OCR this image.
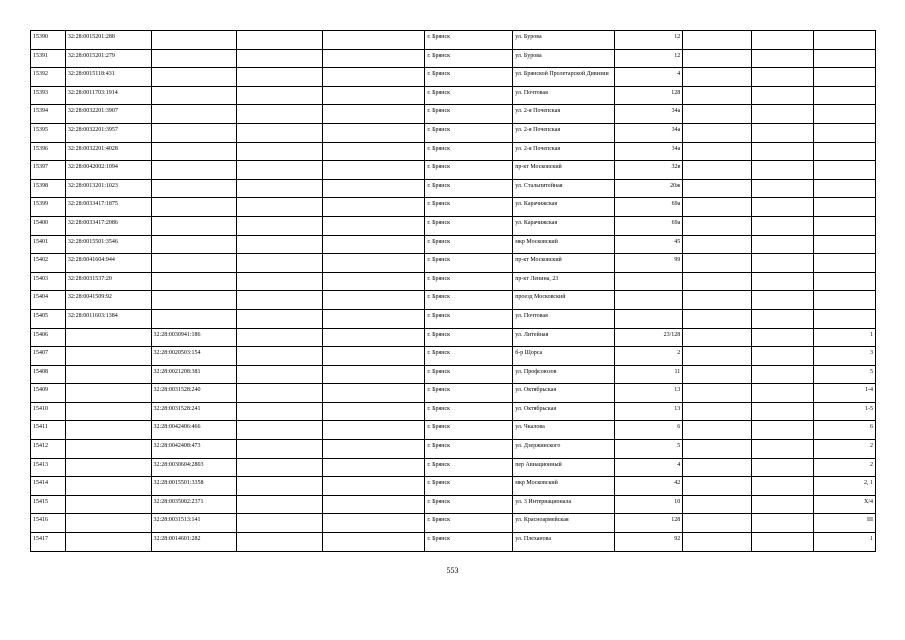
15390	32:28:0015201:288				г. Брянск	ул. Бурова	12			
15391	32:28:0015201:279				г. Брянск	ул. Бурова	12			
15392	32:28:0015118:431				г. Брянск	ул. Брянской Пролетарской Дивизии	4			
15393	32:28:0011703:1914				г. Брянск	ул. Почтовая	128			
15394	32:28:0032201:3907				г. Брянск	ул. 2-я Почепская	34а			
15395	32:28:0032201:3957				г. Брянск	ул. 2-я Почепская	34а			
15396	32:28:0032201:4028				г. Брянск	ул. 2-я Почепская	34а			
15397	32:28:0042002:1094				г. Брянск	пр-кт Московский	32в			
15398	32:28:0013201:1023				г. Брянск	ул. Стальпитейная	20ж			
15399	32:28:0033417:1875				г. Брянск	ул. Карачижская	69а			
15400	32:28:0033417:2086				г. Брянск	ул. Карачижская	69а			
15401	32:28:0015501:3546				г. Брянск	мкр Московский	45			
15402	32:28:0041604:944				г. Брянск	пр-кт Московский	99			
15403	32:28:0031537:20				г. Брянск	пр-кт Ленина, 23				
15404	32:28:0041509:92				г. Брянск	проезд Московский				
15405	32:28:0011603:1384				г. Брянск	ул. Почтовая				
15406		32:28:0030941:186			г. Брянск	ул. Литейная	23/128			1
15407		32:28:0020503:154			г. Брянск	б-р Щорса	2			3
15408		32:28:0021208:381			г. Брянск	ул. Профсоюзов	11			5
15409		32:28:0031528:240			г. Брянск	ул. Октябрьская	13			1-4
15410		32:28:0031528:241			г. Брянск	ул. Октябрьская	13			1-5
15411		32:28:0042406:466			г. Брянск	ул. Чкалова	6			6
15412		32:28:0042408:473			г. Брянск	ул. Дзержинского	5			2
15413		32:28:0030604:2803			г. Брянск	пер Авиационный	4			2
15414		32:28:0015501:3358			г. Брянск	мкр Московский	42			2, 1
15415		32:28:0035002:2371			г. Брянск	ул. 3 Интернационала	10			Х/4
15416		32:28:0031513:141			г. Брянск	ул. Красноармейская	128			III
15417		32:28:0014601:282			г. Брянск	ул. Плеханова	92			1
553
